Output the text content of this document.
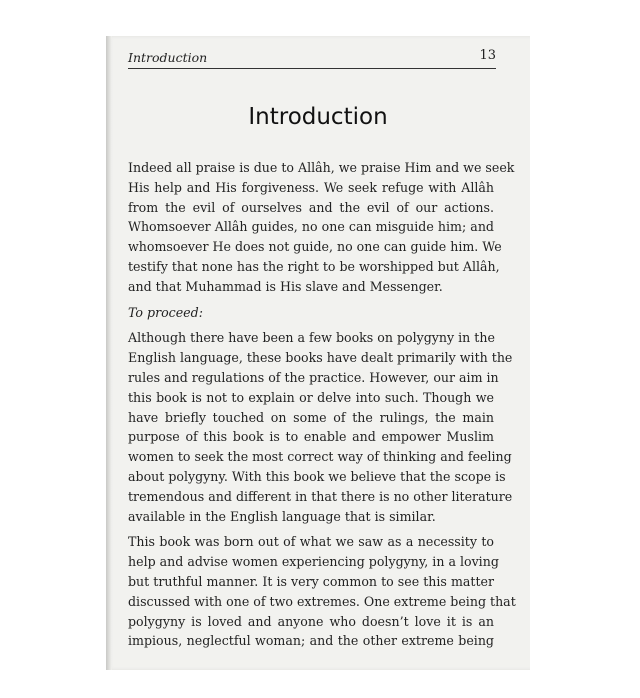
Introduction	13
Introduction

Indeed all praise is due to Allâh, we praise Him and we seek
His help and His forgiveness. We seek refuge with Allâh
from the evil of ourselves and the evil of our actions.
Whomsoever Allâh guides, no one can misguide him; and
whomsoever He does not guide, no one can guide him. We
testify that none has the right to be worshipped but Allâh,
and that Muhammad is His slave and Messenger.

To proceed:

Although there have been a few books on polygyny in the
English language, these books have dealt primarily with the
rules and regulations of the practice. However, our aim in
this book is not to explain or delve into such. Though we
have briefly touched on some of the rulings, the main
purpose of this book is to enable and empower Muslim
women to seek the most correct way of thinking and feeling
about polygyny. With this book we believe that the scope is
tremendous and different in that there is no other literature
available in the English language that is similar.

This book was born out of what we saw as a necessity to
help and advise women experiencing polygyny, in a loving
but truthful manner. It is very common to see this matter
discussed with one of two extremes. One extreme being that
polygyny is loved and anyone who doesn’t love it is an
impious, neglectful woman; and the other extreme being
